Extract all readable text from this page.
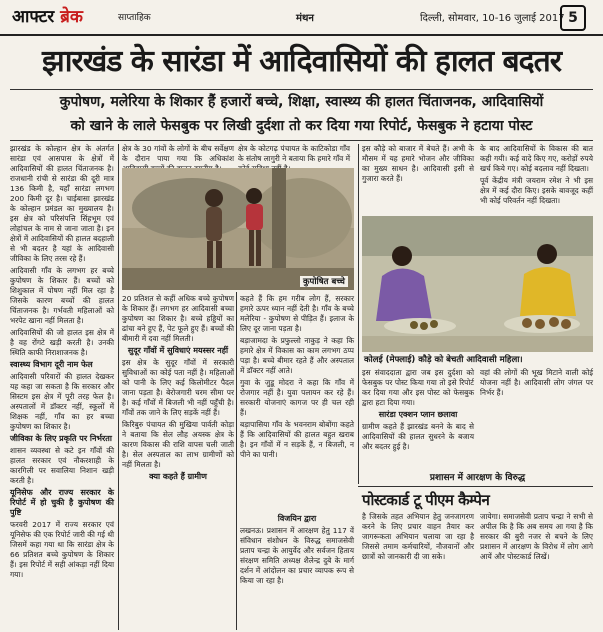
आफ्टर ब्रेक	साप्ताहिक	मंथन	दिल्ली, सोमवार, 10-16 जुलाई 2017 5
झारखंड के सारंडा में आदिवासियों की हालत बदतर
कुपोषण, मलेरिया के शिकार हैं हजारों बच्चे, शिक्षा, स्वास्थ्य की हालत चिंताजनक, आदिवासियों
को खाने के लाले फेसबुक पर लिखी दुर्दशा तो कर दिया गया रिपोर्ट, फेसबुक ने हटाया पोस्ट

झारखंड के कोल्हान क्षेत्र के अंतर्गत सारंडा एवं आसपास के क्षेत्रों में आदिवासियों की हालत चिंताजनक है। राजधानी रांची से सारंडा की दूरी मात्र 136 किमी है, यहाँ सारंडा लगभग 200 किमी दूर है। चाईबासा झारखंड के कोल्हान प्रमंडल का मुख्यालय है। इस क्षेत्र को परिसंपत्ति सिंहभूम एवं लोहांचल के नाम से जाना जाता है। इन क्षेत्रों में आदिवासियों की हालत बदहाली से भी बदतर है यहां के आदिवासी जीविका के लिए तरस रहे हैं।

आदिवासी गाँव के लगभग हर बच्चे कुपोषण के शिकार हैं। बच्चों को शिशुकाल में पोषण नहीं मिल रहा है जिसके कारण बच्चों की हालत चिंताजनक है। गर्भवती महिलाओं को भरपेट खाना नहीं मिलता है।

आदिवासियों की जो हालत इस क्षेत्र में है वह रोंगटे खड़ी करती है। उनकी स्थिति काफी निराशाजनक है।

स्वास्थ्य विभाग दूरी नाम फेल

आदिवासी परिवारों की हालत देखकर यह कहा जा सकता है कि सरकार और सिस्टम इस क्षेत्र में पूरी तरह फेल है। अस्पतालों में डॉक्टर नहीं, स्कूलों में शिक्षक नहीं, गाँव का हर बच्चा कुपोषण का शिकार है।

जीविका के लिए प्रकृति पर निर्भरता

शासन व्यवस्था से कटे इन गाँवों की हालत सरकार एवं नौकरशाही के कारगिली पर सवालिया निशान खड़ी करती है।

यूनिसेफ और राज्य सरकार के रिपोर्ट में हो चुकी है कुपोषण की पुष्टि

फरवरी 2017 में राज्य सरकार एवं यूनिसेफ की एक रिपोर्ट जारी की गई थी जिसमें कहा गया था कि सारंडा क्षेत्र के 66 प्रतिशत बच्चे कुपोषण के शिकार हैं। इस रिपोर्ट में सही आंकड़ा नहीं दिया गया।

क्षेत्र के 30 गांवों के लोगों के बीच सर्वेक्षण के दौरान पाया गया कि अधिकांश

क्षेत्र के कोटगढ़ पंचायत के काटिकोडा गाँव के संतोष लागुरी ने बताया कि हमारे गाँव में

कुपोषित बच्चे

20 प्रतिशत से कहीं अधिक बच्चे कुपोषण के शिकार हैं। लगभग हर आदिवासी बच्चा कुपोषण का शिकार है। बच्चे हड्डियों का ढांचा बने हुए हैं, पेट फूले हुए हैं। बच्चों की बीमारी में दवा नहीं मिलती।

सुदूर गाँवों में सुविधाएं मयस्सर नहीं

इस क्षेत्र के सुदूर गाँवों में सरकारी सुविधाओं का कोई पता नहीं है। महिलाओं को पानी के लिए कई किलोमीटर पैदल जाना पड़ता है। बेरोजगारी चरम सीमा पर है। कई गाँवों में बिजली भी नहीं पहुँची है। गाँवों तक जाने के लिए सड़कें नहीं हैं।

किरिबुरु पंचायत की मुखिया पार्वती कोड़ा ने बताया कि सेल लौह अयस्क क्षेत्र के कारण विकास की राशि वापस चली जाती है। सेल अस्पताल का लाभ ग्रामीणों को नहीं मिलता है।

क्या कहते हैं ग्रामीण

कहते हैं कि हम गरीब लोग हैं, सरकार हमारे ऊपर ध्यान नहीं देती है। गाँव के बच्चे मलेरिया - कुपोषण से पीड़ित हैं। इलाज के लिए दूर जाना पड़ता है।

बड़ाजामदा के प्रफुल्लो नाकुड़ ने कहा कि हमारे क्षेत्र में विकास का काम लगभग ठप्प पड़ा है। बच्चे बीमार रहते हैं और अस्पताल में डॉक्टर नहीं आते।

गुवा के जुडू मोदरा ने कहा कि गाँव में रोजगार नहीं है। युवा पलायन कर रहे हैं। सरकारी योजनाएं कागज पर ही चल रही हैं।

बड़ापासिया गाँव के भवनराम बोबोंगा कहते हैं कि आदिवासियों की हालत बहुत खराब है। इन गाँवों में न सड़कें हैं, न बिजली, न पीने का पानी।

इस कौड़े को बाजार में बेचते हैं। अभी के मौसम में यह हमारे भोजन और जीविका का मुख्य साधन है। आदिवासी इसी से गुजारा करते हैं।

के बाद आदिवासियों के विकास की बात कही गयी। कई वादे किए गए, करोड़ों रुपये खर्च किये गए। कोई बदलाव नहीं दिखता।

पूर्व केंद्रीय मंत्री जयराम रमेश ने भी इस क्षेत्र में कई दौरा किए। इसके बावजूद कहीं भी कोई परिवर्तन नहीं दिखता।

कोलई (मेफ्लाई) कौड़े को बेचती आदिवासी महिला।

इस संवाददाता द्वारा जब इस दुर्दशा को फेसबुक पर पोस्ट किया गया तो इसे रिपोर्ट कर दिया गया और इस पोस्ट को फेसबुक द्वारा हटा दिया गया।

सारंडा एक्शन प्लान छलावा

ग्रामीण कहते हैं झारखंड बनने के बाद से आदिवासियों की हालत सुधरने के बजाय और बदतर हुई है।

वहां की लोगों की भूख मिटाने वाली कोई योजना नहीं है। आदिवासी लोग जंगल पर निर्भर हैं।

प्रशासन में आरक्षण के विरुद्ध
पोस्टकार्ड टू पीएम कैम्पेन
विजयिन द्वारा

लखनऊ। प्रशासन में आरक्षण हेतु 117 वें संविधान संशोधन के विरुद्ध समाजसेवी प्रताप चन्द्रा के आयुर्वेद और सर्वजन हिताय संरक्षण समिति अध्यक्ष शैलेन्द्र दुबे के मार्ग दर्शन में आंदोलन का प्रचार व्यापक रूप से किया जा रहा है।

है जिसके तहत अभियान हेतु जनजागरण करने के लिए प्रचार वाहन तैयार कर जागरूकता अभियान चलाया जा रहा है जिससे तमाम कर्मचारियों, नौजवानों और छात्रों को जानकारी दी जा सके।

जायेगा। समाजसेवी प्रताप चन्द्रा ने सभी से अपील कि है कि अब समय आ गया है कि सरकार की बुरी नजर से बचने के लिए प्रशासन में आरक्षण के विरोध में लोग आगे आयें और पोस्टकार्ड लिखें।
